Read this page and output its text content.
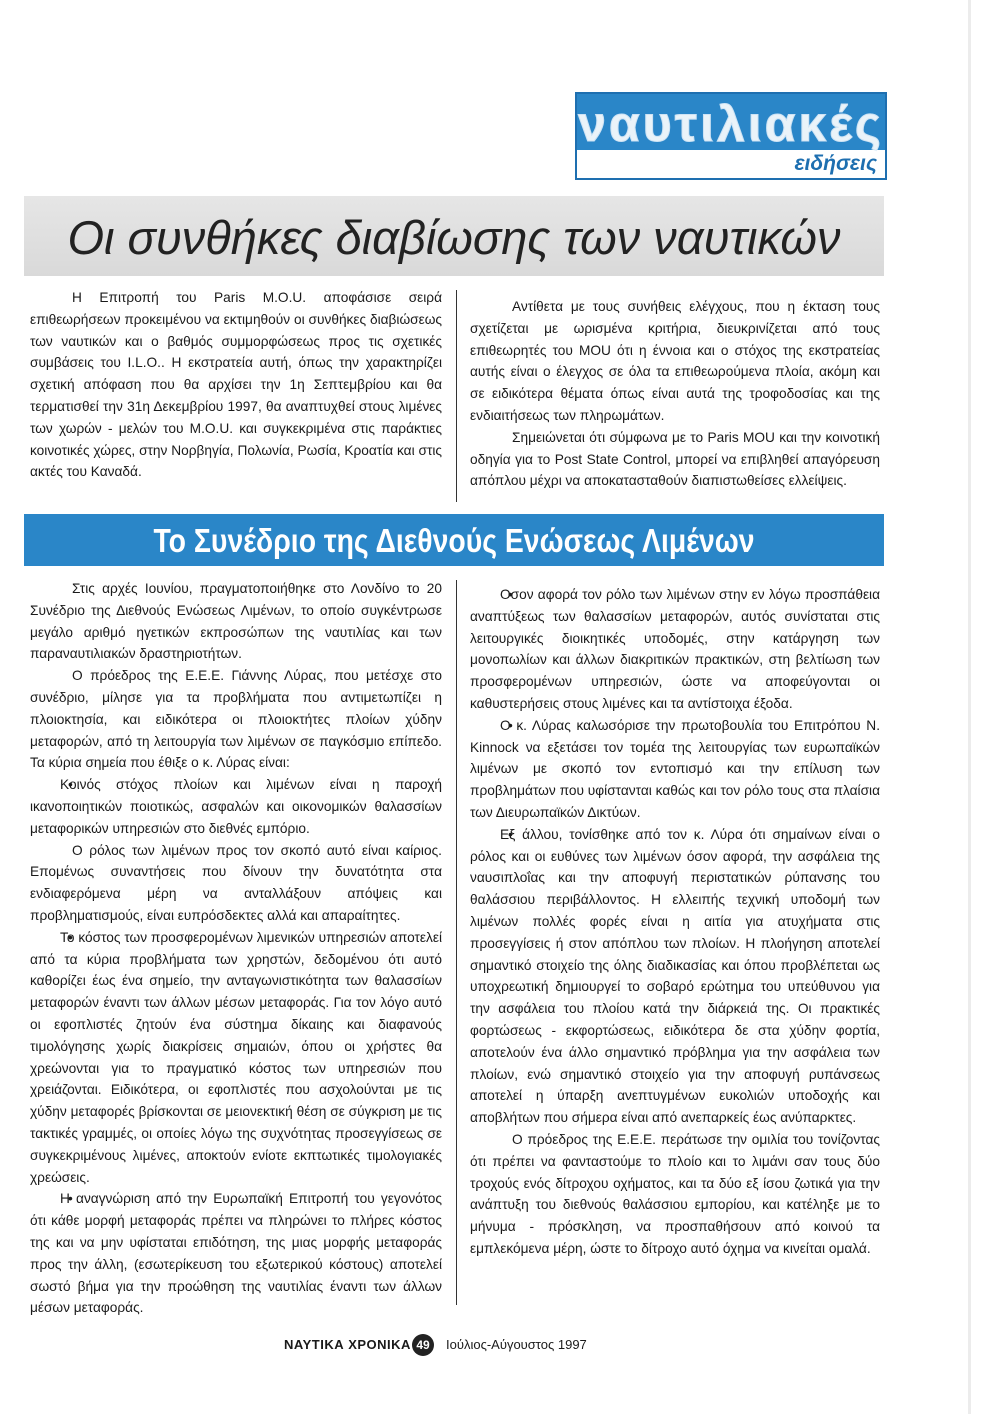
ναυτιλιακές
ειδήσεις
Οι συνθήκες διαβίωσης των ναυτικών

Η Επιτροπή του Paris M.O.U. αποφάσισε σειρά επιθεωρήσεων προκειμένου να εκτιμηθούν οι συνθήκες διαβιώσεως των ναυτικών και ο βαθμός συμμορφώσεως προς τις σχετικές συμβάσεις του I.L.O.. Η εκστρατεία αυτή, όπως την χαρακτηρίζει σχετική απόφαση που θα αρχίσει την 1η Σεπτεμβρίου και θα τερματισθεί την 31η Δεκεμβρίου 1997, θα αναπτυχθεί στους λιμένες των χωρών - μελών του M.O.U. και συγκεκριμένα στις παράκτιες κοινοτικές χώρες, στην Νορβηγία, Πολωνία, Ρωσία, Κροατία και στις ακτές του Καναδά.

Αντίθετα με τους συνήθεις ελέγχους, που η έκταση τους σχετίζεται με ωρισμένα κριτήρια, διευκρινίζεται από τους επιθεωρητές του MOU ότι η έννοια και ο στόχος της εκστρατείας αυτής είναι ο έλεγχος σε όλα τα επιθεωρούμενα πλοία, ακόμη και σε ειδικότερα θέματα όπως είναι αυτά της τροφοδοσίας και της ενδιαιτήσεως των πληρωμάτων.

Σημειώνεται ότι σύμφωνα με το Paris MOU και την κοινοτική οδηγία για το Post State Control, μπορεί να επιβληθεί απαγόρευση απόπλου μέχρι να αποκατασταθούν διαπιστωθείσες ελλείψεις.

Το Συνέδριο της Διεθνούς Ενώσεως Λιμένων

Στις αρχές Ιουνίου, πραγματοποιήθηκε στο Λονδίνο το 20 Συνέδριο της Διεθνούς Ενώσεως Λιμένων, το οποίο συγκέντρωσε μεγάλο αριθμό ηγετικών εκπροσώπων της ναυτιλίας και των παραναυτιλιακών δραστηριοτήτων.

Ο πρόεδρος της Ε.Ε.Ε. Γιάννης Λύρας, που μετέσχε στο συνέδριο, μίλησε για τα προβλήματα που αντιμετωπίζει η πλοιοκτησία, και ειδικότερα οι πλοιοκτήτες πλοίων χύδην μεταφορών, από τη λειτουργία των λιμένων σε παγκόσμιο επίπεδο. Τα κύρια σημεία που έθιξε ο κ. Λύρας είναι:

• Κοινός στόχος πλοίων και λιμένων είναι η παροχή ικανοποιητικών ποιοτικώς, ασφαλών και οικονομικών θαλασσίων μεταφορικών υπηρεσιών στο διεθνές εμπόριο.

Ο ρόλος των λιμένων προς τον σκοπό αυτό είναι καίριος. Επομένως συναντήσεις που δίνουν την δυνατότητα στα ενδιαφερόμενα μέρη να ανταλλάξουν απόψεις και προβληματισμούς, είναι ευπρόσδεκτες αλλά και απαραίτητες.

• Το κόστος των προσφερομένων λιμενικών υπηρεσιών αποτελεί από τα κύρια προβλήματα των χρηστών, δεδομένου ότι αυτό καθορίζει έως ένα σημείο, την ανταγωνιστικότητα των θαλασσίων μεταφορών έναντι των άλλων μέσων μεταφοράς. Για τον λόγο αυτό οι εφοπλιστές ζητούν ένα σύστημα δίκαιης και διαφανούς τιμολόγησης χωρίς διακρίσεις σημαιών, όπου οι χρήστες θα χρεώνονται για το πραγματικό κόστος των υπηρεσιών που χρειάζονται. Ειδικότερα, οι εφοπλιστές που ασχολούνται με τις χύδην μεταφορές βρίσκονται σε μειονεκτική θέση σε σύγκριση με τις τακτικές γραμμές, οι οποίες λόγω της συχνότητας προσεγγίσεως σε συγκεκριμένους λιμένες, αποκτούν ενίοτε εκπτωτικές τιμολογιακές χρεώσεις.

• Η αναγνώριση από την Ευρωπαϊκή Επιτροπή του γεγονότος ότι κάθε μορφή μεταφοράς πρέπει να πληρώνει το πλήρες κόστος της και να μην υφίσταται επιδότηση, της μιας μορφής μεταφοράς προς την άλλη, (εσωτερίκευση του εξωτερικού κόστους) αποτελεί σωστό βήμα για την προώθηση της ναυτιλίας έναντι των άλλων μέσων μεταφοράς.

• Οσον αφορά τον ρόλο των λιμένων στην εν λόγω προσπάθεια αναπτύξεως των θαλασσίων μεταφορών, αυτός συνίσταται στις λειτουργικές διοικητικές υποδομές, στην κατάργηση των μονοπωλίων και άλλων διακριτικών πρακτικών, στη βελτίωση των προσφερομένων υπηρεσιών, ώστε να αποφεύγονται οι καθυστερήσεις στους λιμένες και τα αντίστοιχα έξοδα.

• Ο κ. Λύρας καλωσόρισε την πρωτοβουλία του Επιτρόπου Ν. Kinnock να εξετάσει τον τομέα της λειτουργίας των ευρωπαϊκών λιμένων με σκοπό τον εντοπισμό και την επίλυση των προβλημάτων που υφίστανται καθώς και τον ρόλο τους στα πλαίσια των Διευρωπαϊκών Δικτύων.

• Εξ άλλου, τονίσθηκε από τον κ. Λύρα ότι σημαίνων είναι ο ρόλος και οι ευθύνες των λιμένων όσον αφορά, την ασφάλεια της ναυσιπλοΐας και την αποφυγή περιστατικών ρύπανσης του θαλάσσιου περιβάλλοντος. Η ελλειπής τεχνική υποδομή των λιμένων πολλές φορές είναι η αιτία για ατυχήματα στις προσεγγίσεις ή στον απόπλου των πλοίων. Η πλοήγηση αποτελεί σημαντικό στοιχείο της όλης διαδικασίας και όπου προβλέπεται ως υποχρεωτική δημιουργεί το σοβαρό ερώτημα του υπεύθυνου για την ασφάλεια του πλοίου κατά την διάρκειά της. Οι πρακτικές φορτώσεως - εκφορτώσεως, ειδικότερα δε στα χύδην φορτία, αποτελούν ένα άλλο σημαντικό πρόβλημα για την ασφάλεια των πλοίων, ενώ σημαντικό στοιχείο για την αποφυγή ρυπάνσεως αποτελεί η ύπαρξη ανεπτυγμένων ευκολιών υποδοχής και αποβλήτων που σήμερα είναι από ανεπαρκείς έως ανύπαρκτες.

Ο πρόεδρος της Ε.Ε.Ε. περάτωσε την ομιλία του τονίζοντας ότι πρέπει να φανταστούμε το πλοίο και το λιμάνι σαν τους δύο τροχούς ενός δίτροχου οχήματος, και τα δύο εξ ίσου ζωτικά για την ανάπτυξη του διεθνούς θαλάσσιου εμπορίου, και κατέληξε με το μήνυμα - πρόσκληση, να προσπαθήσουν από κοινού τα εμπλεκόμενα μέρη, ώστε το δίτροχο αυτό όχημα να κινείται ομαλά.

ΝΑΥΤΙΚΑ ΧΡΟΝΙΚΑ 49	Ιούλιος-Αύγουστος 1997
